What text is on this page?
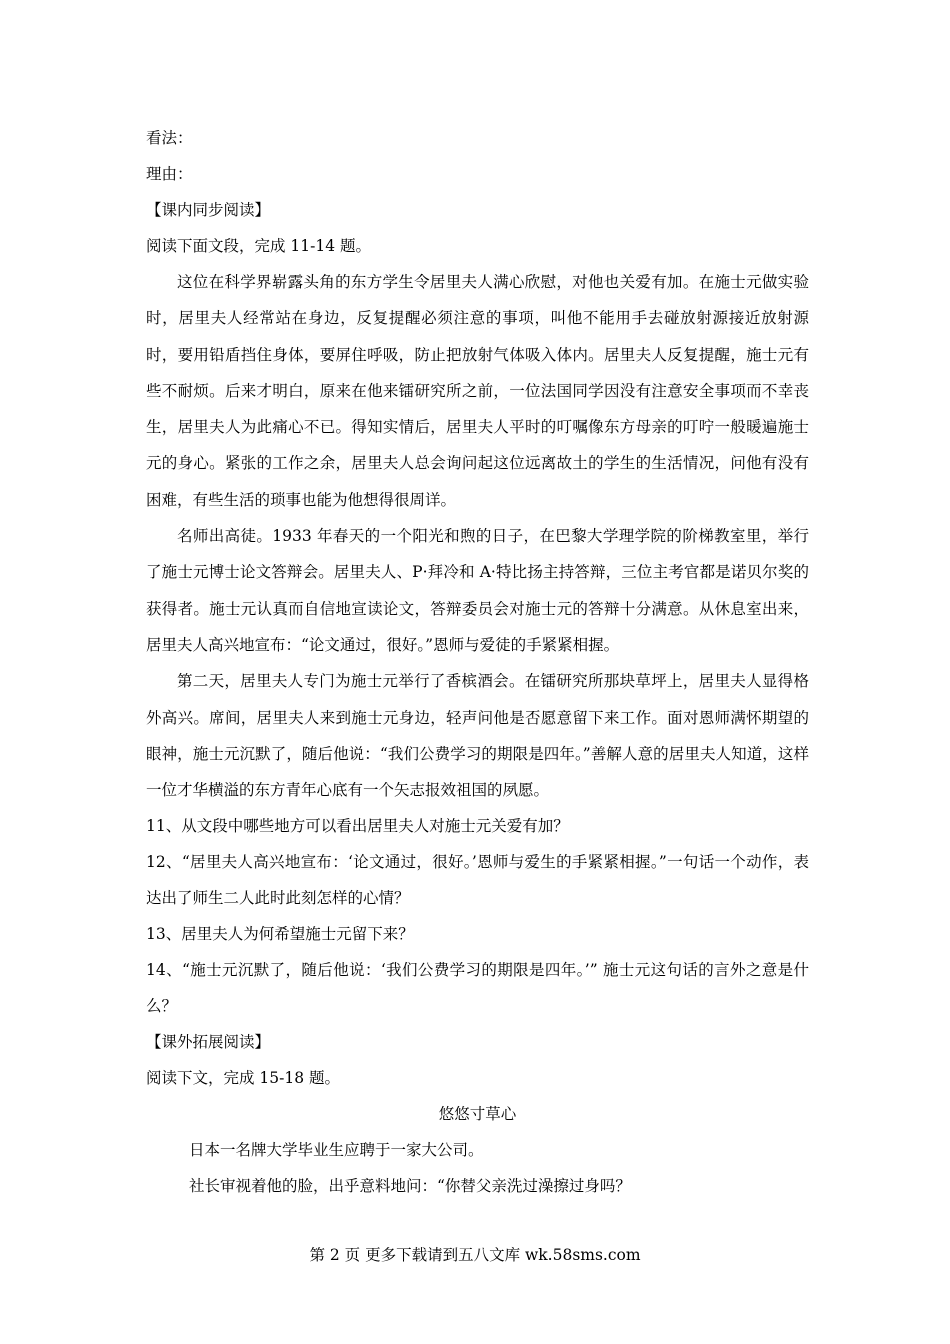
看法：
理由：
【课内同步阅读】
阅读下面文段，完成 11-14 题。

这位在科学界崭露头角的东方学生令居里夫人满心欣慰，对他也关爱有加。在施士元做实验时，居里夫人经常站在身边，反复提醒必须注意的事项，叫他不能用手去碰放射源接近放射源时，要用铅盾挡住身体，要屏住呼吸，防止把放射气体吸入体内。居里夫人反复提醒，施士元有些不耐烦。后来才明白，原来在他来镭研究所之前，一位法国同学因没有注意安全事项而不幸丧生，居里夫人为此痛心不已。得知实情后，居里夫人平时的叮嘱像东方母亲的叮咛一般暖遍施士元的身心。紧张的工作之余，居里夫人总会询问起这位远离故土的学生的生活情况，问他有没有困难，有些生活的琐事也能为他想得很周详。

名师出高徒。1933 年春天的一个阳光和煦的日子，在巴黎大学理学院的阶梯教室里，举行了施士元博士论文答辩会。居里夫人、P·拜冷和 A·特比扬主持答辩，三位主考官都是诺贝尔奖的获得者。施士元认真而自信地宣读论文，答辩委员会对施士元的答辩十分满意。从休息室出来，居里夫人高兴地宣布：“论文通过，很好。”恩师与爱徒的手紧紧相握。

第二天，居里夫人专门为施士元举行了香槟酒会。在镭研究所那块草坪上，居里夫人显得格外高兴。席间，居里夫人来到施士元身边，轻声问他是否愿意留下来工作。面对恩师满怀期望的眼神，施士元沉默了，随后他说：“我们公费学习的期限是四年。”善解人意的居里夫人知道，这样一位才华横溢的东方青年心底有一个矢志报效祖国的夙愿。

11、从文段中哪些地方可以看出居里夫人对施士元关爱有加？

12、“居里夫人高兴地宣布：‘论文通过，很好。’恩师与爱生的手紧紧相握。”一句话一个动作，表达出了师生二人此时此刻怎样的心情？

13、居里夫人为何希望施士元留下来？

14、“施士元沉默了，随后他说：‘我们公费学习的期限是四年。’” 施士元这句话的言外之意是什么？

【课外拓展阅读】
阅读下文，完成 15-18 题。
悠悠寸草心
日本一名牌大学毕业生应聘于一家大公司。
社长审视着他的脸，出乎意料地问：“你替父亲洗过澡擦过身吗？
第 2 页 更多下载请到五八文库 wk.58sms.com
